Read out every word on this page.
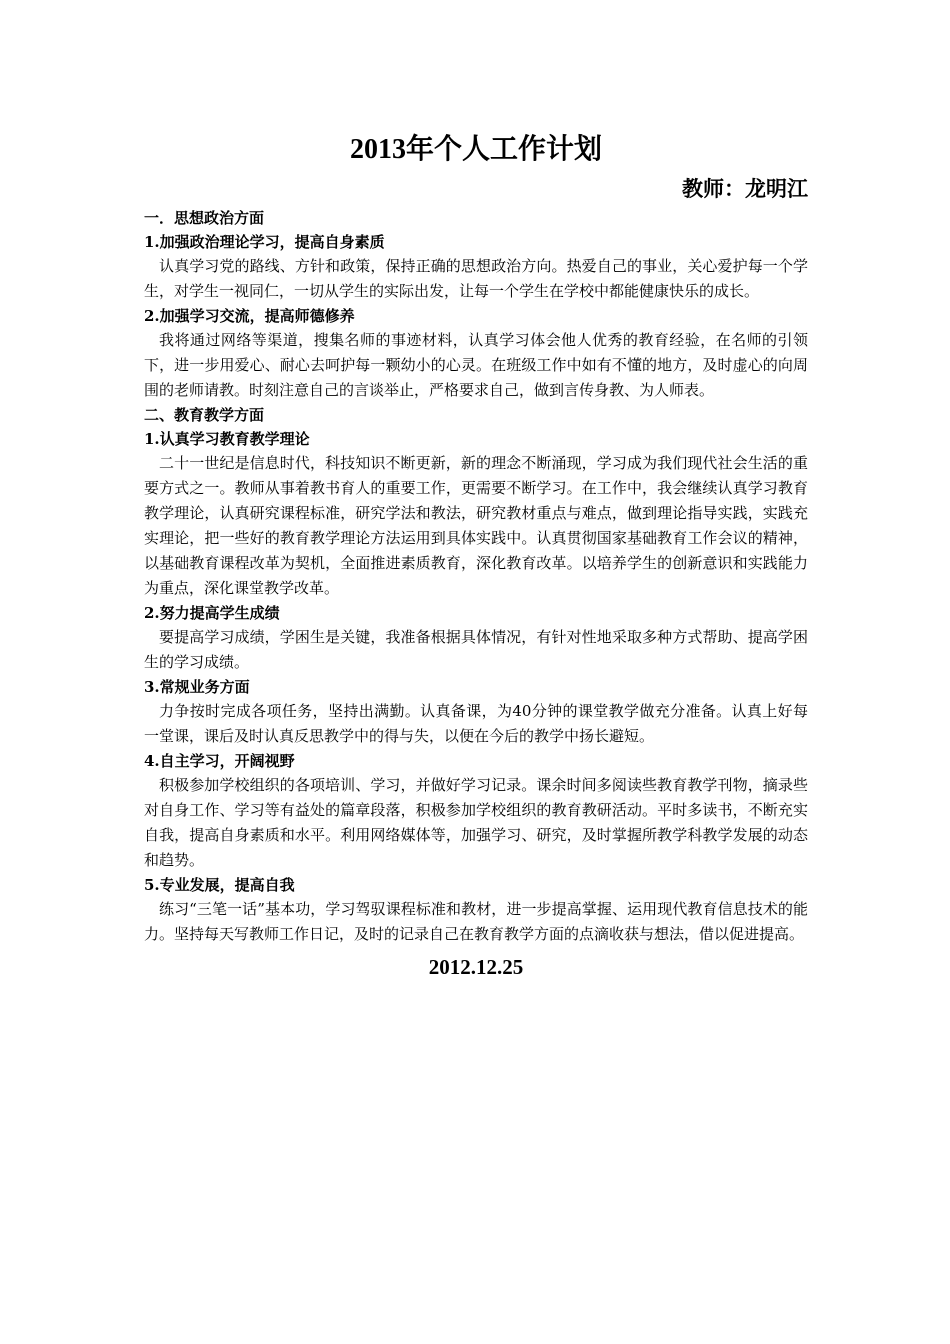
2013年个人工作计划
教师：龙明江
一．思想政治方面
1.加强政治理论学习，提高自身素质

认真学习党的路线、方针和政策，保持正确的思想政治方向。热爱自己的事业，关心爱护每一个学生，对学生一视同仁，一切从学生的实际出发，让每一个学生在学校中都能健康快乐的成长。

2.加强学习交流，提高师德修养

我将通过网络等渠道，搜集名师的事迹材料，认真学习体会他人优秀的教育经验，在名师的引领下，进一步用爱心、耐心去呵护每一颗幼小的心灵。在班级工作中如有不懂的地方，及时虚心的向周围的老师请教。时刻注意自己的言谈举止，严格要求自己，做到言传身教、为人师表。

二、教育教学方面
1.认真学习教育教学理论

二十一世纪是信息时代，科技知识不断更新，新的理念不断涌现，学习成为我们现代社会生活的重要方式之一。教师从事着教书育人的重要工作，更需要不断学习。在工作中，我会继续认真学习教育教学理论，认真研究课程标准，研究学法和教法，研究教材重点与难点，做到理论指导实践，实践充实理论，把一些好的教育教学理论方法运用到具体实践中。认真贯彻国家基础教育工作会议的精神，以基础教育课程改革为契机，全面推进素质教育，深化教育改革。以培养学生的创新意识和实践能力为重点，深化课堂教学改革。

2.努力提高学生成绩

要提高学习成绩，学困生是关键，我准备根据具体情况，有针对性地采取多种方式帮助、提高学困生的学习成绩。

3.常规业务方面

力争按时完成各项任务，坚持出满勤。认真备课，为40分钟的课堂教学做充分准备。认真上好每一堂课，课后及时认真反思教学中的得与失，以便在今后的教学中扬长避短。

4.自主学习，开阔视野

积极参加学校组织的各项培训、学习，并做好学习记录。课余时间多阅读些教育教学刊物，摘录些对自身工作、学习等有益处的篇章段落，积极参加学校组织的教育教研活动。平时多读书，不断充实自我，提高自身素质和水平。利用网络媒体等，加强学习、研究，及时掌握所教学科教学发展的动态和趋势。

5.专业发展，提高自我

练习“三笔一话”基本功，学习驾驭课程标准和教材，进一步提高掌握、运用现代教育信息技术的能力。坚持每天写教师工作日记，及时的记录自己在教育教学方面的点滴收获与想法，借以促进提高。

2012.12.25
